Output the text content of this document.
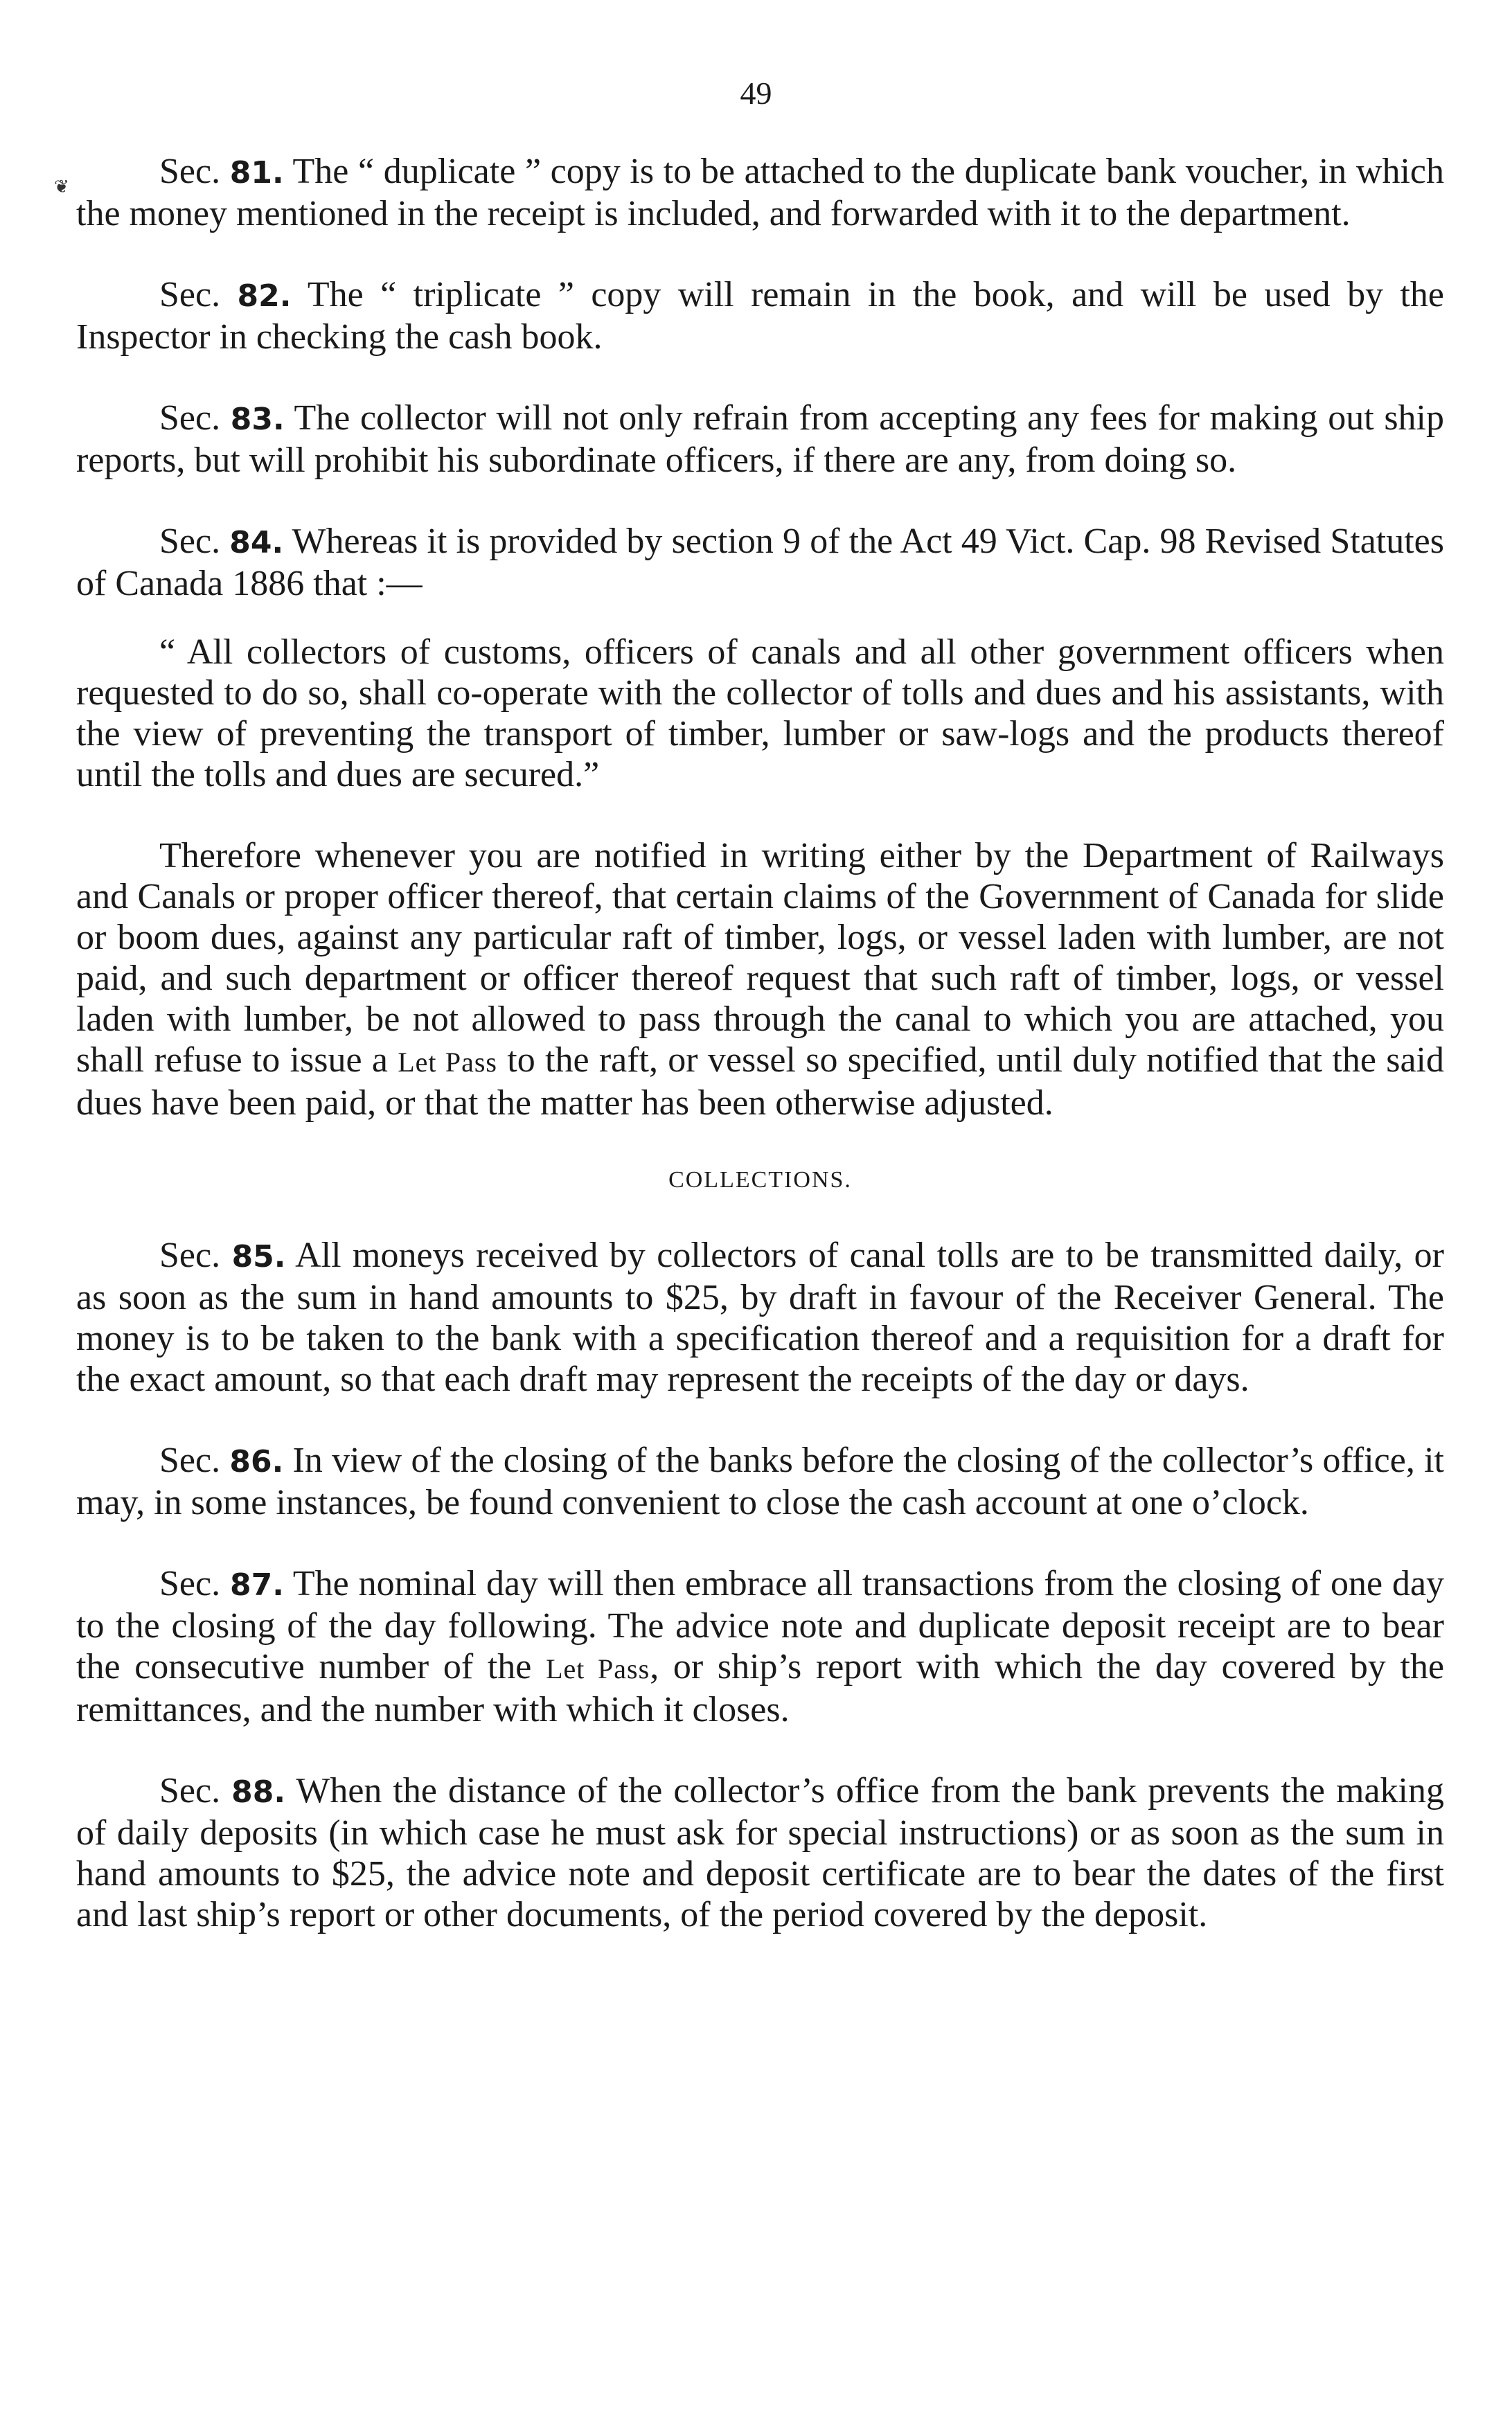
49
❦	Sec. 81. The “ duplicate ” copy is to be attached to the duplicate bank voucher, in which the money mentioned in the receipt is included, and forwarded with it to the department.

Sec. 82. The “ triplicate ” copy will remain in the book, and will be used by the Inspector in checking the cash book.

Sec. 83. The collector will not only refrain from accepting any fees for making out ship reports, but will prohibit his subordinate officers, if there are any, from doing so.

Sec. 84. Whereas it is provided by section 9 of the Act 49 Vict. Cap. 98 Revised Statutes of Canada 1886 that :—

“ All collectors of customs, officers of canals and all other government officers when requested to do so, shall co-operate with the collector of tolls and dues and his assistants, with the view of preventing the transport of timber, lumber or saw-logs and the products thereof until the tolls and dues are secured.”

Therefore whenever you are notified in writing either by the Department of Railways and Canals or proper officer thereof, that certain claims of the Government of Canada for slide or boom dues, against any particular raft of timber, logs, or vessel laden with lumber, are not paid, and such department or officer thereof request that such raft of timber, logs, or vessel laden with lumber, be not allowed to pass through the canal to which you are attached, you shall refuse to issue a Let Pass to the raft, or vessel so specified, until duly notified that the said dues have been paid, or that the matter has been otherwise adjusted.

COLLECTIONS.

Sec. 85. All moneys received by collectors of canal tolls are to be transmitted daily, or as soon as the sum in hand amounts to $25, by draft in favour of the Receiver General. The money is to be taken to the bank with a specification thereof and a requisition for a draft for the exact amount, so that each draft may represent the receipts of the day or days.

Sec. 86. In view of the closing of the banks before the closing of the collector’s office, it may, in some instances, be found convenient to close the cash account at one o’clock.

Sec. 87. The nominal day will then embrace all transactions from the closing of one day to the closing of the day following. The advice note and duplicate deposit receipt are to bear the consecutive number of the Let Pass, or ship’s report with which the day covered by the remittances, and the number with which it closes.

Sec. 88. When the distance of the collector’s office from the bank prevents the making of daily deposits (in which case he must ask for special instructions) or as soon as the sum in hand amounts to $25, the advice note and deposit certificate are to bear the dates of the first and last ship’s report or other documents, of the period covered by the deposit.
